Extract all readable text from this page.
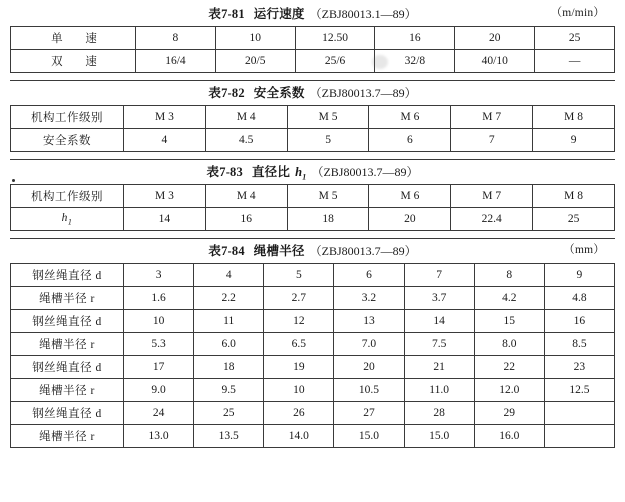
表7-81 运行速度 （ZBJ80013.1—89）	（m/min）
单 速	8	10	12.50	16	20	25
双 速	16/4	20/5	25/6	32/8	40/10	—
表7-82 安全系数 （ZBJ80013.7—89）
机构工作级别	M 3	M 4	M 5	M 6	M 7	M 8
安全系数	4	4.5	5	6	7	9
表7-83 直径比 $h_1$ （ZBJ80013.7—89）
机构工作级别	M 3	M 4	M 5	M 6	M 7	M 8
$h_1$	14	16	18	20	22.4	25
表7-84 绳槽半径 （ZBJ80013.7—89）	（mm）
钢丝绳直径 d	3	4	5	6	7	8	9
绳槽半径 r	1.6	2.2	2.7	3.2	3.7	4.2	4.8
钢丝绳直径 d	10	11	12	13	14	15	16
绳槽半径 r	5.3	6.0	6.5	7.0	7.5	8.0	8.5
钢丝绳直径 d	17	18	19	20	21	22	23
绳槽半径 r	9.0	9.5	10	10.5	11.0	12.0	12.5
钢丝绳直径 d	24	25	26	27	28	29	
绳槽半径 r	13.0	13.5	14.0	15.0	15.0	16.0	
